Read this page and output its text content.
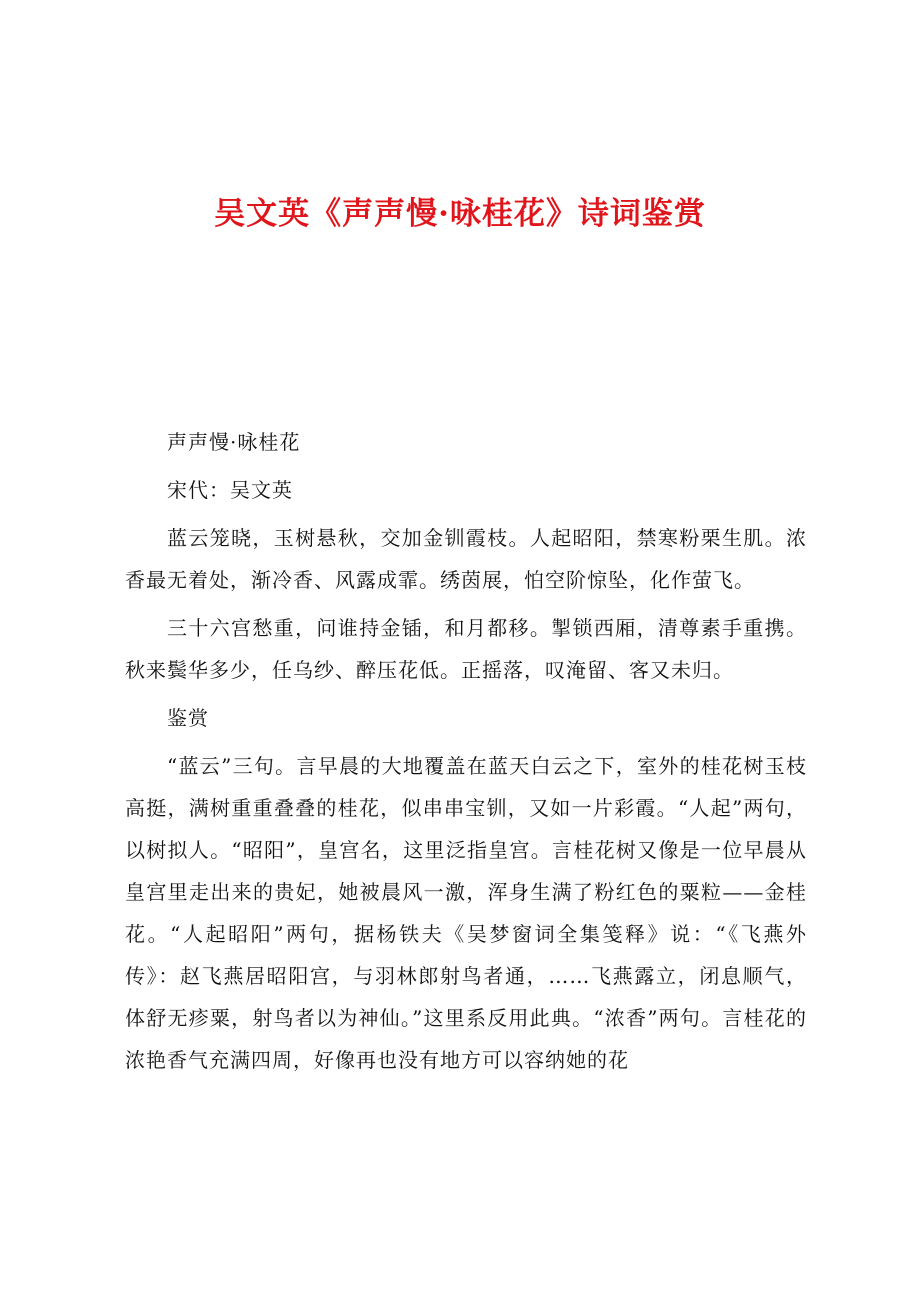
吴文英《声声慢·咏桂花》诗词鉴赏

声声慢·咏桂花

宋代：吴文英

蓝云笼晓，玉树悬秋，交加金钏霞枝。人起昭阳，禁寒粉栗生肌。浓香最无着处，渐冷香、风露成霏。绣茵展，怕空阶惊坠，化作萤飞。

三十六宫愁重，问谁持金锸，和月都移。掣锁西厢，清尊素手重携。秋来鬓华多少，任乌纱、醉压花低。正摇落，叹淹留、客又未归。

鉴赏

“蓝云”三句。言早晨的大地覆盖在蓝天白云之下，室外的桂花树玉枝高挺，满树重重叠叠的桂花，似串串宝钏，又如一片彩霞。“人起”两句，以树拟人。“昭阳”，皇宫名，这里泛指皇宫。言桂花树又像是一位早晨从皇宫里走出来的贵妃，她被晨风一激，浑身生满了粉红色的粟粒——金桂花。“人起昭阳”两句，据杨铁夫《吴梦窗词全集笺释》说：“《飞燕外传》：赵飞燕居昭阳宫，与羽林郎射鸟者通，……飞燕露立，闭息顺气，体舒无疹粟，射鸟者以为神仙。”这里系反用此典。“浓香”两句。言桂花的浓艳香气充满四周，好像再也没有地方可以容纳她的花
